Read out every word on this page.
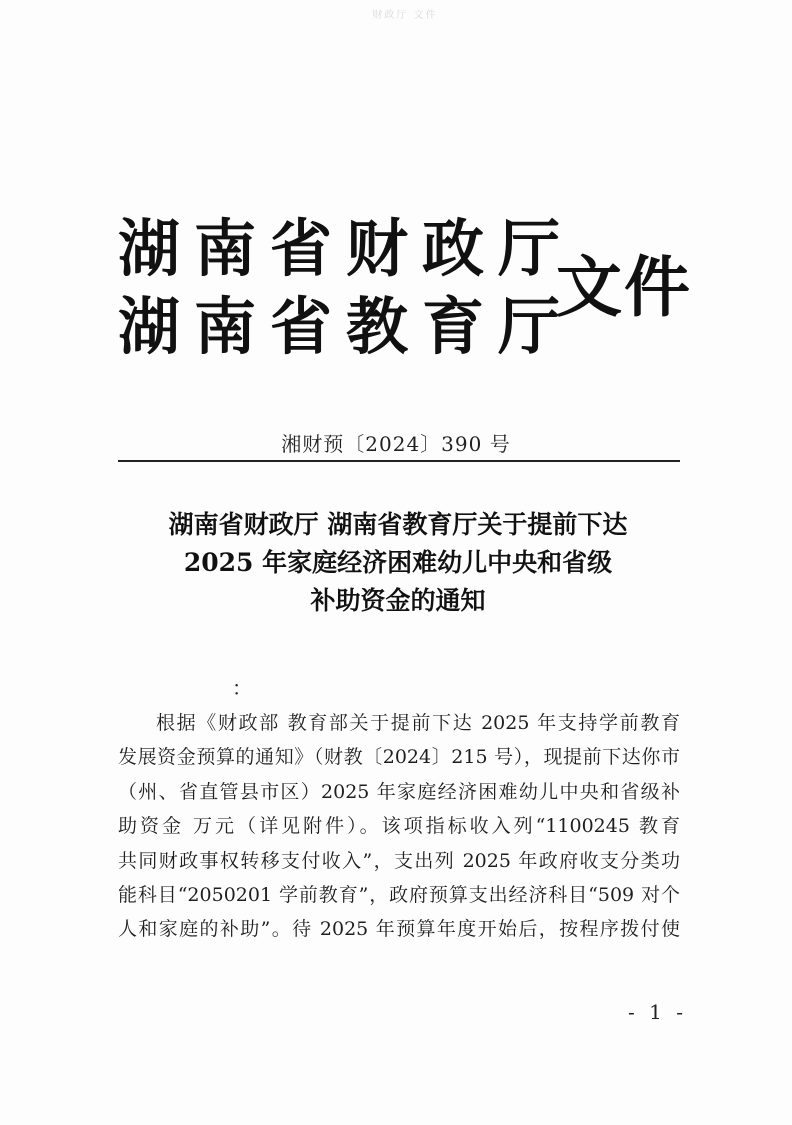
财政厅 文件
湖南省财政厅
湖南省教育厅
文件
湘财预〔2024〕390 号
湖南省财政厅 湖南省教育厅关于提前下达
2025 年家庭经济困难幼儿中央和省级
补助资金的通知
：
根据《财政部 教育部关于提前下达 2025 年支持学前教育
发展资金预算的通知》（财教〔2024〕215 号），现提前下达你市
（州、省直管县市区）2025 年家庭经济困难幼儿中央和省级补
助资金 万元（详见附件）。该项指标收入列“1100245 教育
共同财政事权转移支付收入”，支出列 2025 年政府收支分类功
能科目“2050201 学前教育”，政府预算支出经济科目“509 对个
人和家庭的补助”。待 2025 年预算年度开始后，按程序拨付使
- 1 -
